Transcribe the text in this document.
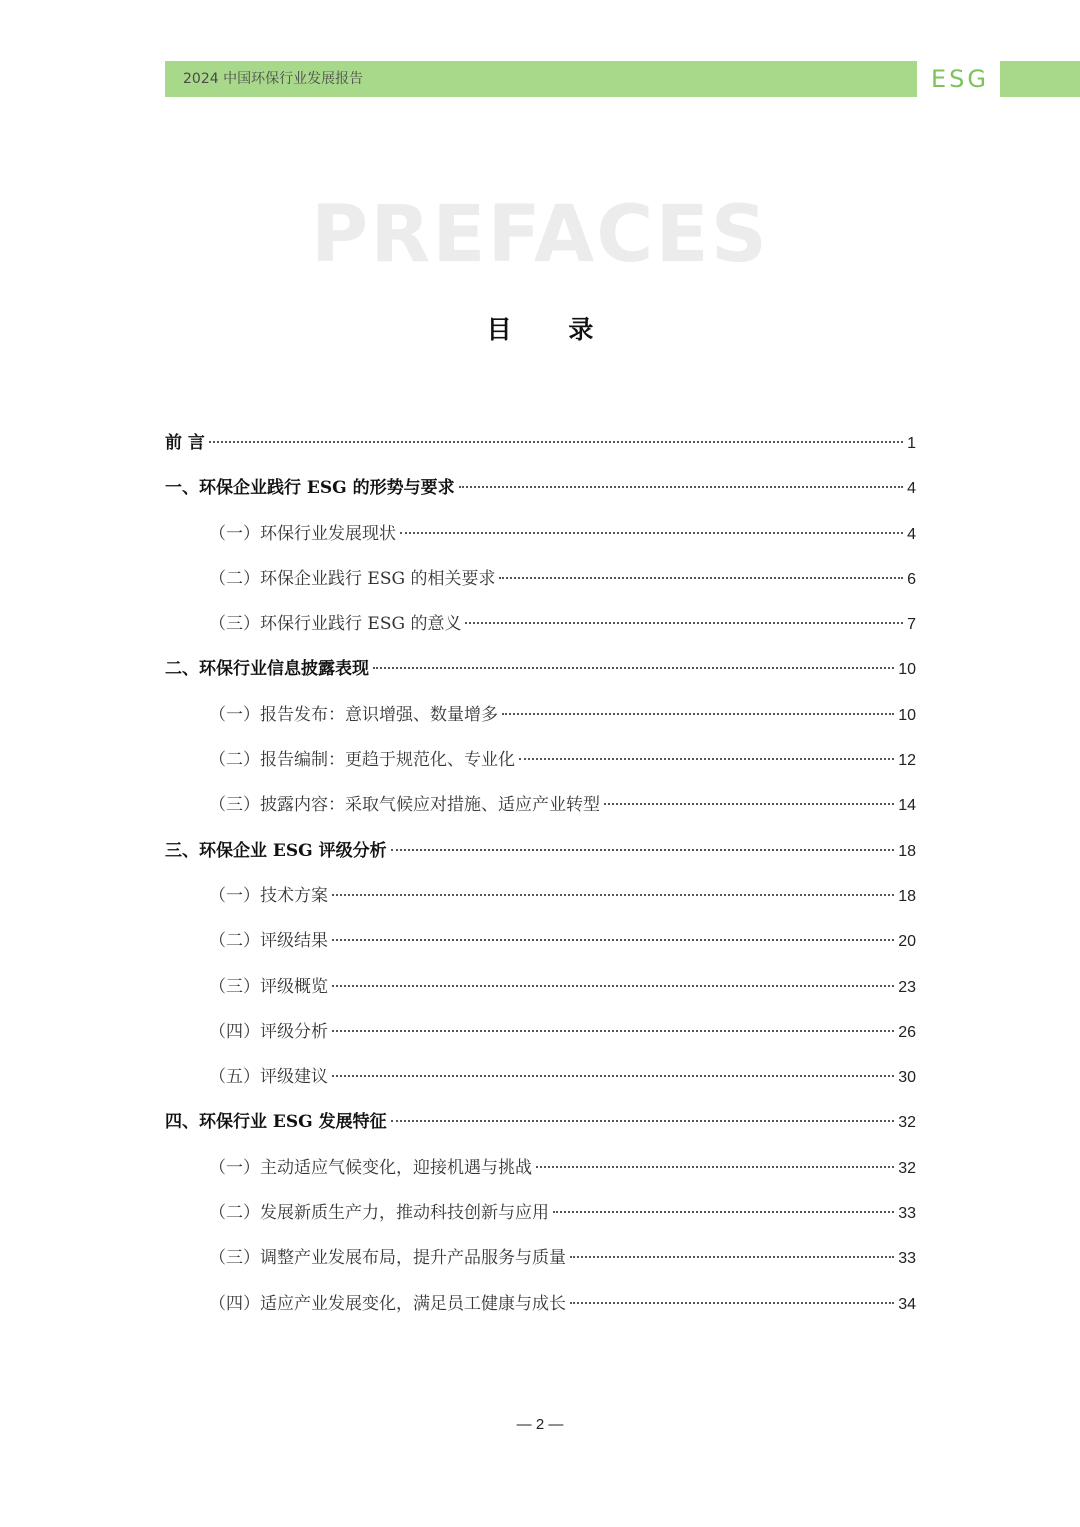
2024 中国环保行业发展报告	ESG
PREFACES
目 录
前 言	1
一、环保企业践行 ESG 的形势与要求	4
（一）环保行业发展现状	4
（二）环保企业践行 ESG 的相关要求	6
（三）环保行业践行 ESG 的意义	7
二、环保行业信息披露表现	10
（一）报告发布：意识增强、数量增多	10
（二）报告编制：更趋于规范化、专业化	12
（三）披露内容：采取气候应对措施、适应产业转型	14
三、环保企业 ESG 评级分析	18
（一）技术方案	18
（二）评级结果	20
（三）评级概览	23
（四）评级分析	26
（五）评级建议	30
四、环保行业 ESG 发展特征	32
（一）主动适应气候变化，迎接机遇与挑战	32
（二）发展新质生产力，推动科技创新与应用	33
（三）调整产业发展布局，提升产品服务与质量	33
（四）适应产业发展变化，满足员工健康与成长	34
— 2 —
